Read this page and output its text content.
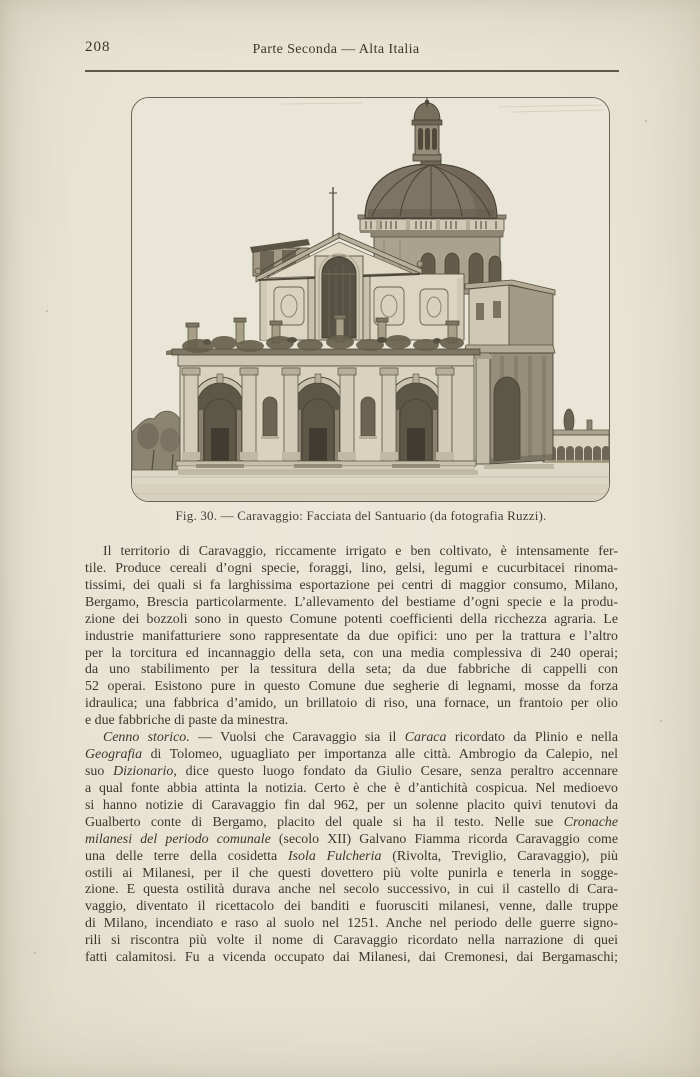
208	Parte Seconda — Alta Italia
Fig. 30. — Caravaggio: Facciata del Santuario (da fotografia Ruzzi).
Il territorio di Caravaggio, riccamente irrigato e ben coltivato, è intensamente fer-
tile. Produce cereali d’ogni specie, foraggi, lino, gelsi, legumi e cucurbitacei rinoma-
tissimi, dei quali si fa larghissima esportazione pei centri di maggior consumo, Milano,
Bergamo, Brescia particolarmente. L’allevamento del bestiame d’ogni specie e la produ-
zione dei bozzoli sono in questo Comune potenti coefficienti della ricchezza agraria. Le
industrie manifatturiere sono rappresentate da due opifici: uno per la trattura e l’altro
per la torcitura ed incannaggio della seta, con una media complessiva di 240 operai;
da uno stabilimento per la tessitura della seta; da due fabbriche di cappelli con
52 operai. Esistono pure in questo Comune due segherie di legnami, mosse da forza
idraulica; una fabbrica d’amido, un brillatoio di riso, una fornace, un frantoio per olio
e due fabbriche di paste da minestra.
Cenno storico. — Vuolsi che Caravaggio sia il Caraca ricordato da Plinio e nella
Geografia di Tolomeo, uguagliato per importanza alle città. Ambrogio da Calepio, nel
suo Dizionario, dice questo luogo fondato da Giulio Cesare, senza peraltro accennare
a qual fonte abbia attinta la notizia. Certo è che è d’antichità cospicua. Nel medioevo
si hanno notizie di Caravaggio fin dal 962, per un solenne placito quivi tenutovi da
Gualberto conte di Bergamo, placito del quale si ha il testo. Nelle sue Cronache
milanesi del periodo comunale (secolo XII) Galvano Fiamma ricorda Caravaggio come
una delle terre della cosidetta Isola Fulcheria (Rivolta, Treviglio, Caravaggio), più
ostili ai Milanesi, per il che questi dovettero più volte punirla e tenerla in sogge-
zione. E questa ostilità durava anche nel secolo successivo, in cui il castello di Cara-
vaggio, diventato il ricettacolo dei banditi e fuorusciti milanesi, venne, dalle truppe
di Milano, incendiato e raso al suolo nel 1251. Anche nel periodo delle guerre signo-
rili si riscontra più volte il nome di Caravaggio ricordato nella narrazione di quei
fatti calamitosi. Fu a vicenda occupato dai Milanesi, dai Cremonesi, dai Bergamaschi;
